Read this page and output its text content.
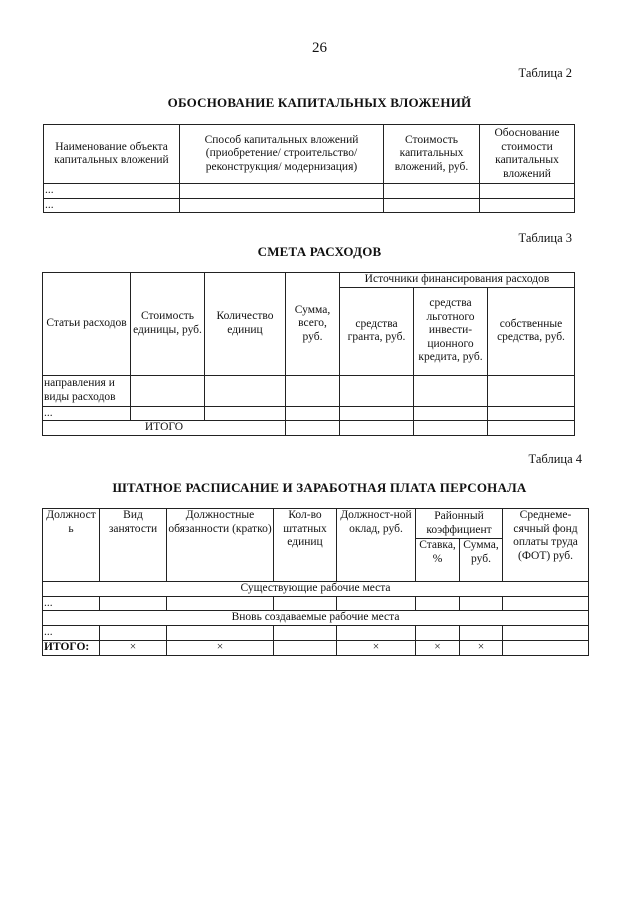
26
Таблица 2
ОБОСНОВАНИЕ КАПИТАЛЬНЫХ ВЛОЖЕНИЙ
Наименование объекта капитальных вложений	Способ капитальных вложений (приобретение/ строительство/реконструкция/ модернизация)	Стоимость капитальных вложений, руб.	Обоснование стоимости капитальных вложений
...			
...			
Таблица 3
СМЕТА РАСХОДОВ
Статьи расходов	Стоимость единицы, руб.	Количество единиц	Сумма, всего, руб.	Источники финансирования расходов		
				средства гранта, руб.	средства льготного инвести-ционного кредита, руб.	собственные средства, руб.
направления и виды расходов						
...						
ИТОГО						
Таблица 4
ШТАТНОЕ РАСПИСАНИЕ И ЗАРАБОТНАЯ ПЛАТА ПЕРСОНАЛА
Должность	Вид занятости	Должностные обязанности (кратко)	Кол-во штатных единиц	Должност-ной оклад, руб.	Районный коэффициент		Среднеме-сячный фонд оплаты труда (ФОТ) руб.
					Ставка, %	Сумма, руб.	
Существующие рабочие места							
...							
Вновь создаваемые рабочие места							
...							
ИТОГО:	×	×		×	×	×	
